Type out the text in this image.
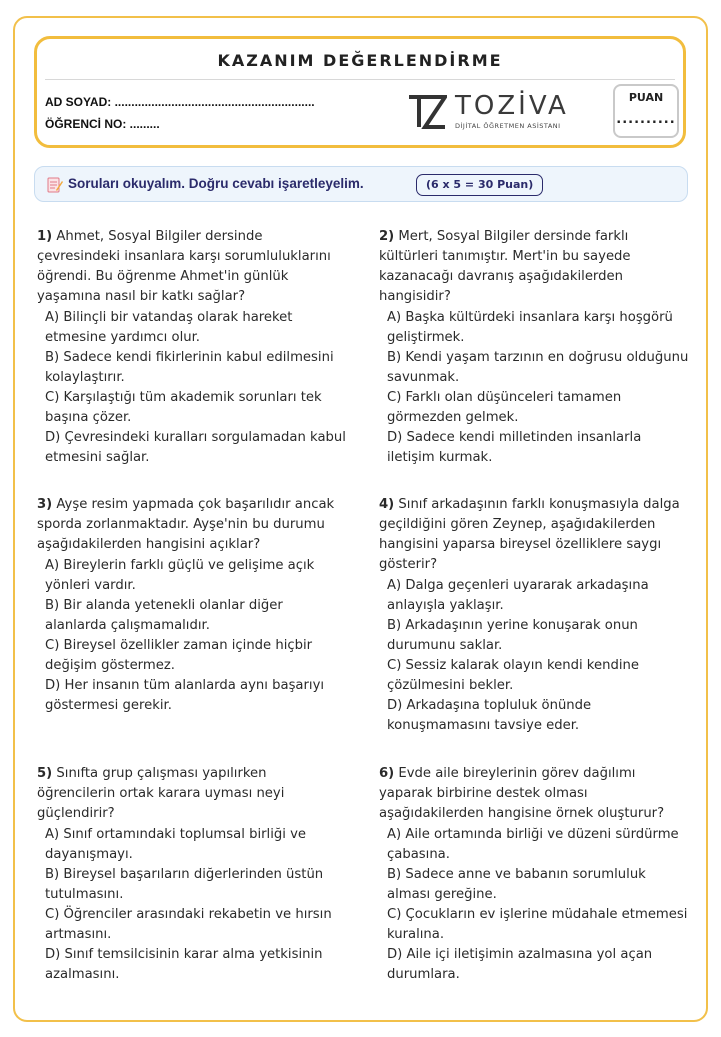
KAZANIM DEĞERLENDİRME
AD SOYAD: ............................................................
ÖĞRENCİ NO: .........
TOZİVA
DİJİTAL ÖĞRETMEN ASİSTANI
PUAN
..........
Soruları okuyalım. Doğru cevabı işaretleyelim.	(6 x 5 = 30 Puan)
1) Ahmet, Sosyal Bilgiler dersinde çevresindeki insanlara karşı sorumluluklarını öğrendi. Bu öğrenme Ahmet'in günlük yaşamına nasıl bir katkı sağlar?
A) Bilinçli bir vatandaş olarak hareket etmesine yardımcı olur.
B) Sadece kendi fikirlerinin kabul edilmesini kolaylaştırır.
C) Karşılaştığı tüm akademik sorunları tek başına çözer.
D) Çevresindeki kuralları sorgulamadan kabul etmesini sağlar.
2) Mert, Sosyal Bilgiler dersinde farklı kültürleri tanımıştır. Mert'in bu sayede kazanacağı davranış aşağıdakilerden hangisidir?
A) Başka kültürdeki insanlara karşı hoşgörü geliştirmek.
B) Kendi yaşam tarzının en doğrusu olduğunu savunmak.
C) Farklı olan düşünceleri tamamen görmezden gelmek.
D) Sadece kendi milletinden insanlarla iletişim kurmak.
3) Ayşe resim yapmada çok başarılıdır ancak sporda zorlanmaktadır. Ayşe'nin bu durumu aşağıdakilerden hangisini açıklar?
A) Bireylerin farklı güçlü ve gelişime açık yönleri vardır.
B) Bir alanda yetenekli olanlar diğer alanlarda çalışmamalıdır.
C) Bireysel özellikler zaman içinde hiçbir değişim göstermez.
D) Her insanın tüm alanlarda aynı başarıyı göstermesi gerekir.
4) Sınıf arkadaşının farklı konuşmasıyla dalga geçildiğini gören Zeynep, aşağıdakilerden hangisini yaparsa bireysel özelliklere saygı gösterir?
A) Dalga geçenleri uyararak arkadaşına anlayışla yaklaşır.
B) Arkadaşının yerine konuşarak onun durumunu saklar.
C) Sessiz kalarak olayın kendi kendine çözülmesini bekler.
D) Arkadaşına topluluk önünde konuşmamasını tavsiye eder.
5) Sınıfta grup çalışması yapılırken öğrencilerin ortak karara uyması neyi güçlendirir?
A) Sınıf ortamındaki toplumsal birliği ve dayanışmayı.
B) Bireysel başarıların diğerlerinden üstün tutulmasını.
C) Öğrenciler arasındaki rekabetin ve hırsın artmasını.
D) Sınıf temsilcisinin karar alma yetkisinin azalmasını.
6) Evde aile bireylerinin görev dağılımı yaparak birbirine destek olması aşağıdakilerden hangisine örnek oluşturur?
A) Aile ortamında birliği ve düzeni sürdürme çabasına.
B) Sadece anne ve babanın sorumluluk alması gereğine.
C) Çocukların ev işlerine müdahale etmemesi kuralına.
D) Aile içi iletişimin azalmasına yol açan durumlara.
